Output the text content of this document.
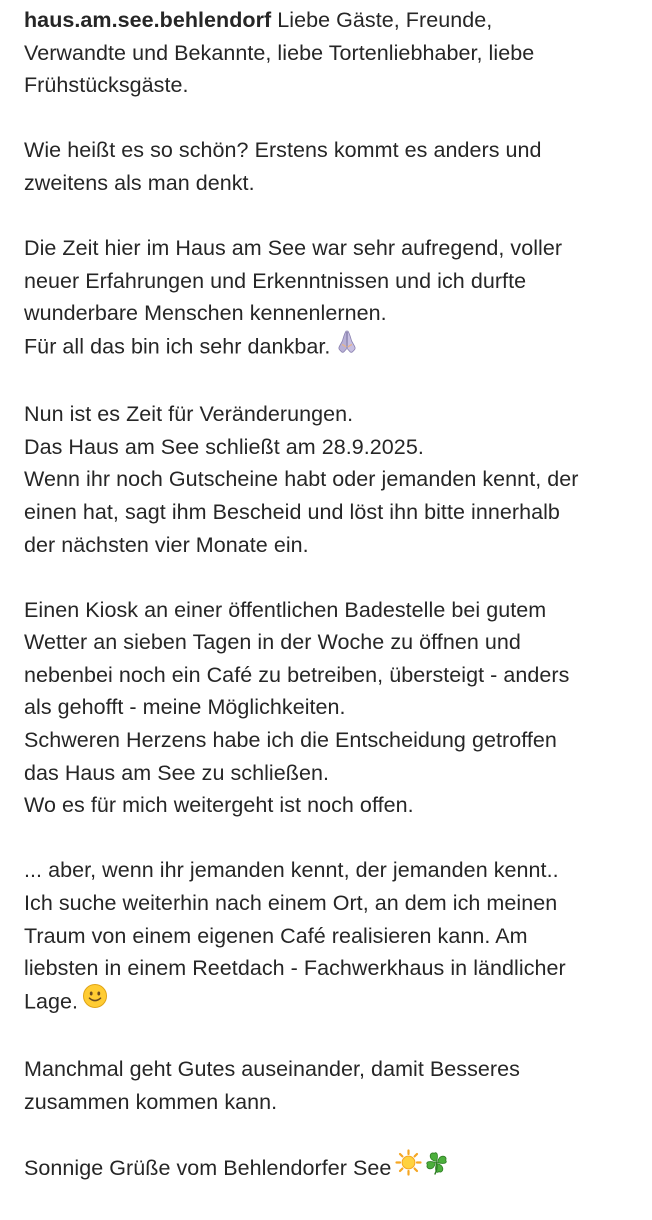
haus.am.see.behlendorf Liebe Gäste, Freunde,
Verwandte und Bekannte, liebe Tortenliebhaber, liebe
Frühstücksgäste.
Wie heißt es so schön? Erstens kommt es anders und
zweitens als man denkt.
Die Zeit hier im Haus am See war sehr aufregend, voller
neuer Erfahrungen und Erkenntnissen und ich durfte
wunderbare Menschen kennenlernen.
Für all das bin ich sehr dankbar.
Nun ist es Zeit für Veränderungen.
Das Haus am See schließt am 28.9.2025.
Wenn ihr noch Gutscheine habt oder jemanden kennt, der
einen hat, sagt ihm Bescheid und löst ihn bitte innerhalb
der nächsten vier Monate ein.
Einen Kiosk an einer öffentlichen Badestelle bei gutem
Wetter an sieben Tagen in der Woche zu öffnen und
nebenbei noch ein Café zu betreiben, übersteigt - anders
als gehofft - meine Möglichkeiten.
Schweren Herzens habe ich die Entscheidung getroffen
das Haus am See zu schließen.
Wo es für mich weitergeht ist noch offen.
... aber, wenn ihr jemanden kennt, der jemanden kennt..
Ich suche weiterhin nach einem Ort, an dem ich meinen
Traum von einem eigenen Café realisieren kann. Am
liebsten in einem Reetdach - Fachwerkhaus in ländlicher
Lage.
Manchmal geht Gutes auseinander, damit Besseres
zusammen kommen kann.
Sonnige Grüße vom Behlendorfer See
